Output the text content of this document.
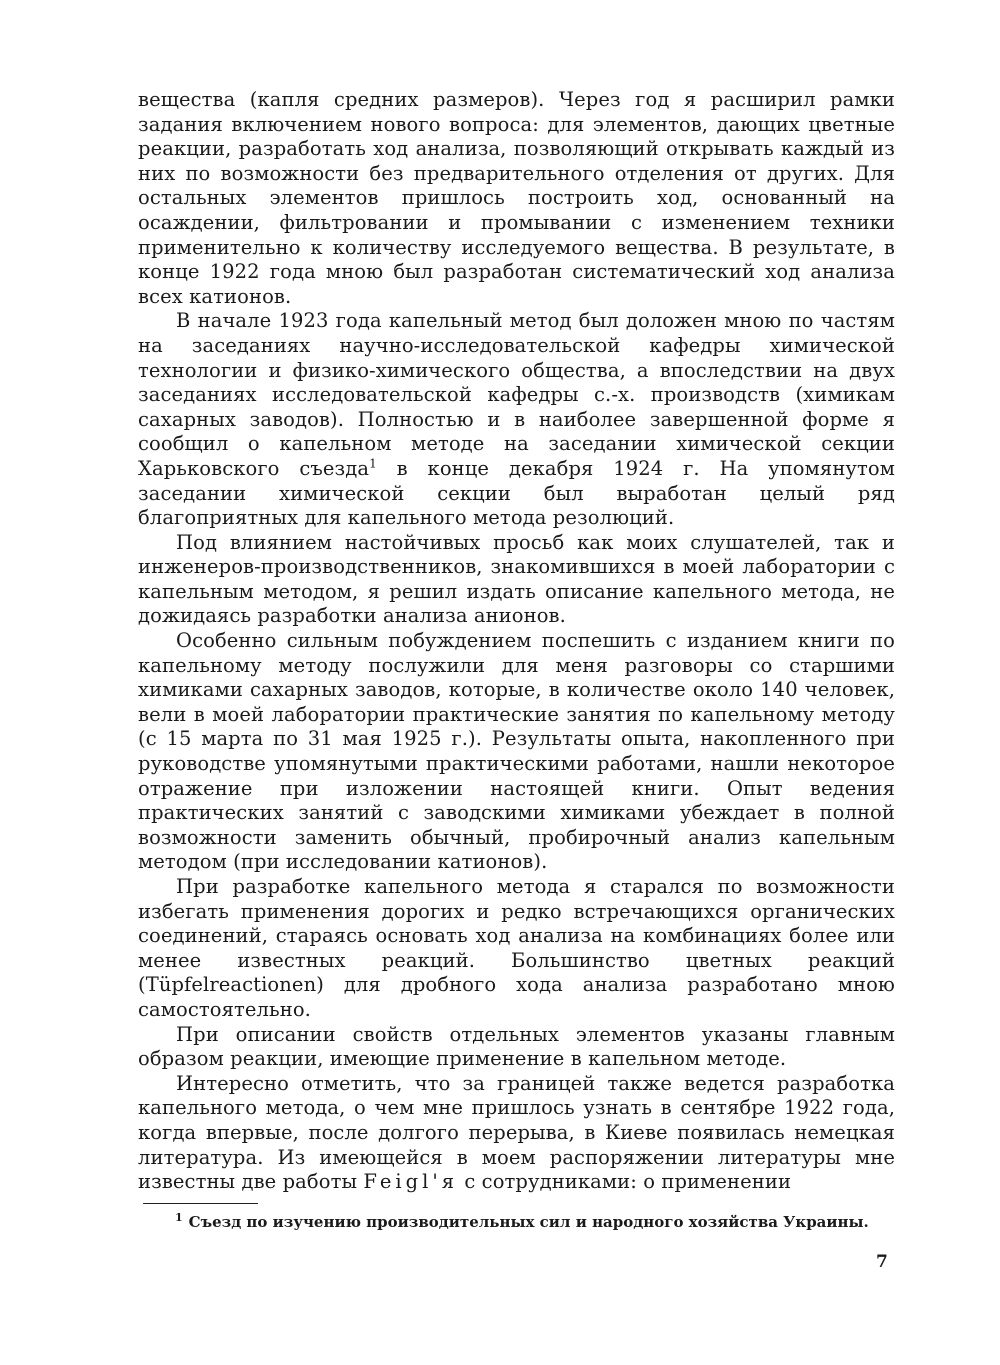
вещества (капля средних размеров). Через год я расширил рамки задания включением нового вопроса: для элементов, дающих цветные реакции, разработать ход анализа, позволяющий открывать каждый из них по возможности без предварительного отделения от других. Для остальных элементов пришлось построить ход, основанный на осаждении, фильтровании и промывании с изменением техники применительно к количеству исследуемого вещества. В результате, в конце 1922 года мною был разработан систематический ход анализа всех катионов.

В начале 1923 года капельный метод был доложен мною по частям на заседаниях научно-исследовательской кафедры химической технологии и физико-химического общества, а впоследствии на двух заседаниях исследовательской кафедры с.-х. производств (химикам сахарных заводов). Полностью и в наиболее завершенной форме я сообщил о капельном методе на заседании химической секции Харьковского съезда$^1$ в конце декабря 1924 г. На упомянутом заседании химической секции был выработан целый ряд благоприятных для капельного метода резолюций.

Под влиянием настойчивых просьб как моих слушателей, так и инженеров-производственников, знакомившихся в моей лаборатории с капельным методом, я решил издать описание капельного метода, не дожидаясь разработки анализа анионов.

Особенно сильным побуждением поспешить с изданием книги по капельному методу послужили для меня разговоры со старшими химиками сахарных заводов, которые, в количестве около 140 человек, вели в моей лаборатории практические занятия по капельному методу (с 15 марта по 31 мая 1925 г.). Результаты опыта, накопленного при руководстве упомянутыми практическими работами, нашли некоторое отражение при изложении настоящей книги. Опыт ведения практических занятий с заводскими химиками убеждает в полной возможности заменить обычный, пробирочный анализ капельным методом (при исследовании катионов).

При разработке капельного метода я старался по возможности избегать применения дорогих и редко встречающихся органических соединений, стараясь основать ход анализа на комбинациях более или менее известных реакций. Большинство цветных реакций (Tüpfelreactionen) для дробного хода анализа разработано мною самостоятельно.

При описании свойств отдельных элементов указаны главным образом реакции, имеющие применение в капельном методе.

Интересно отметить, что за границей также ведется разработка капельного метода, о чем мне пришлось узнать в сентябре 1922 года, когда впервые, после долгого перерыва, в Киеве появилась немецкая литература. Из имеющейся в моем распоряжении литературы мне известны две работы Feigl'я с сотрудниками: о применении

$^1$ Съезд по изучению производительных сил и народного хозяйства Украины.
7
